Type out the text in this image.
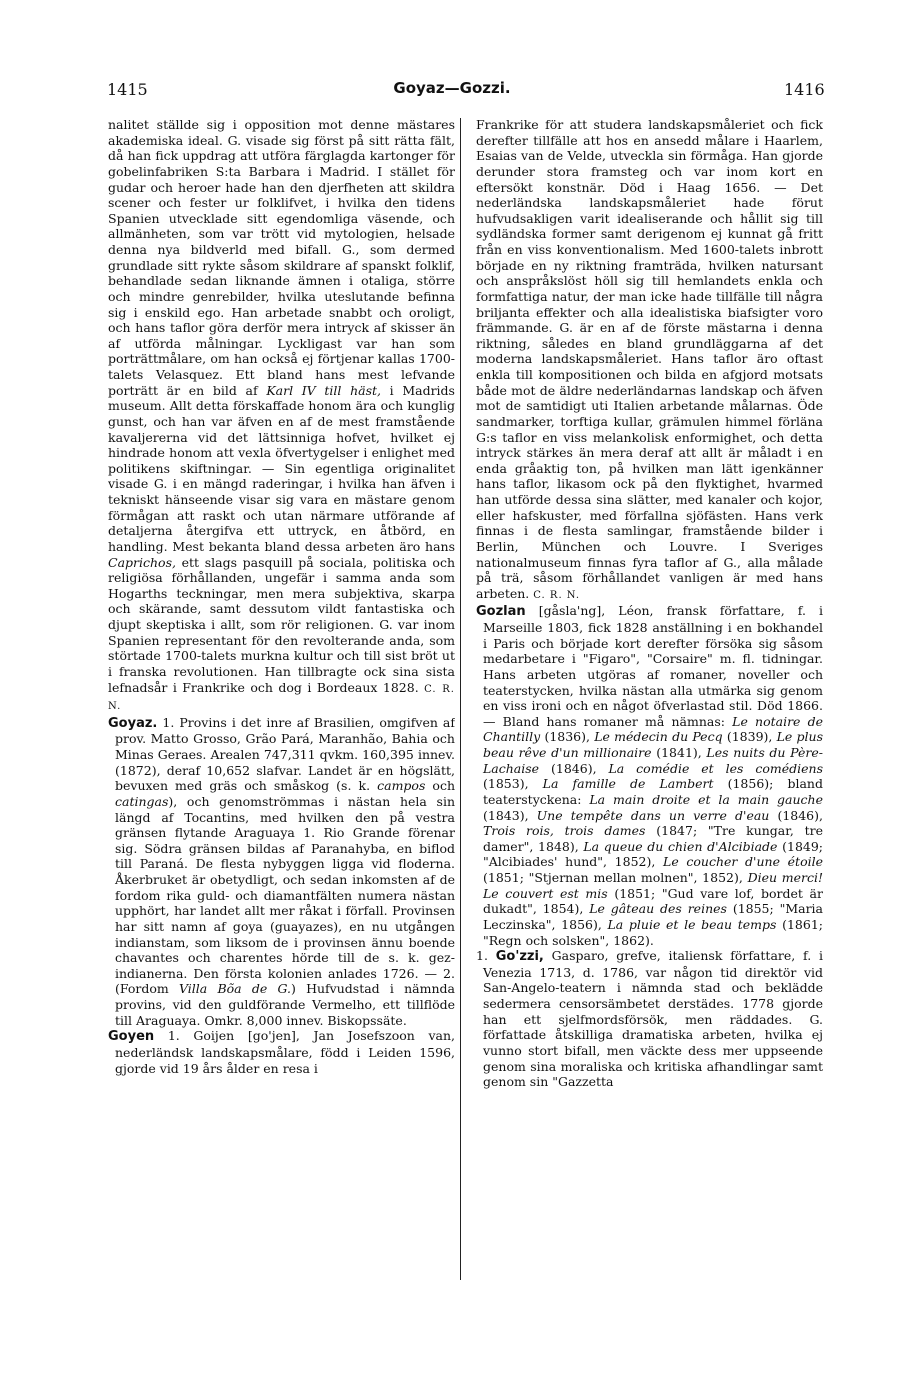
1415	Goyaz—Gozzi.	1416

nalitet ställde sig i opposition mot denne mästares akademiska ideal. G. visade sig först på sitt rätta fält, då han fick uppdrag att utföra färglagda kartonger för gobelinfabriken S:ta Barbara i Madrid. I stället för gudar och heroer hade han den djerfheten att skildra scener och fester ur folklifvet, i hvilka den tidens Spanien utvecklade sitt egendomliga väsende, och allmänheten, som var trött vid mytologien, helsade denna nya bildverld med bifall. G., som dermed grundlade sitt rykte såsom skildrare af spanskt folklif, behandlade sedan liknande ämnen i otaliga, större och mindre genrebilder, hvilka uteslutande befinna sig i enskild ego. Han arbetade snabbt och oroligt, och hans taflor göra derför mera intryck af skisser än af utförda målningar. Lyckligast var han som porträttmålare, om han också ej förtjenar kallas 1700-talets Velasquez. Ett bland hans mest lefvande porträtt är en bild af Karl IV till häst, i Madrids museum. Allt detta förskaffade honom ära och kunglig gunst, och han var äfven en af de mest framstående kavaljererna vid det lättsinniga hofvet, hvilket ej hindrade honom att vexla öfvertygelser i enlighet med politikens skiftningar. — Sin egentliga originalitet visade G. i en mängd raderingar, i hvilka han äfven i tekniskt hänseende visar sig vara en mästare genom förmågan att raskt och utan närmare utförande af detaljerna återgifva ett uttryck, en åtbörd, en handling. Mest bekanta bland dessa arbeten äro hans Caprichos, ett slags pasquill på sociala, politiska och religiösa förhållanden, ungefär i samma anda som Hogarths teckningar, men mera subjektiva, skarpa och skärande, samt dessutom vildt fantastiska och djupt skeptiska i allt, som rör religionen. G. var inom Spanien representant för den revolterande anda, som störtade 1700-talets murkna kultur och till sist bröt ut i franska revolutionen. Han tillbragte ock sina sista lefnadsår i Frankrike och dog i Bordeaux 1828. C. R. N.

Goyaz. 1. Provins i det inre af Brasilien, omgifven af prov. Matto Grosso, Grão Pará, Maranhão, Bahia och Minas Geraes. Arealen 747,311 qvkm. 160,395 innev. (1872), deraf 10,652 slafvar. Landet är en högslätt, bevuxen med gräs och småskog (s. k. campos och catingas), och genomströmmas i nästan hela sin längd af Tocantins, med hvilken den på vestra gränsen flytande Araguaya 1. Rio Grande förenar sig. Södra gränsen bildas af Paranahyba, en biflod till Paraná. De flesta nybyggen ligga vid floderna. Åkerbruket är obetydligt, och sedan inkomsten af de fordom rika guld- och diamantfälten numera nästan upphört, har landet allt mer råkat i förfall. Provinsen har sitt namn af goya (guayazes), en nu utgången indianstam, som liksom de i provinsen ännu boende chavantes och charentes hörde till de s. k. gez-indianerna. Den första kolonien anlades 1726. — 2. (Fordom Villa Bõa de G.) Hufvudstad i nämnda provins, vid den guldförande Vermelho, ett tillflöde till Araguaya. Omkr. 8,000 innev. Biskopssäte.

Goyen 1. Goijen [go'jen], Jan Josefszoon van, nederländsk landskapsmålare, född i Leiden 1596, gjorde vid 19 års ålder en resa i

Frankrike för att studera landskapsmåleriet och fick derefter tillfälle att hos en ansedd målare i Haarlem, Esaias van de Velde, utveckla sin förmåga. Han gjorde derunder stora framsteg och var inom kort en eftersökt konstnär. Död i Haag 1656. — Det nederländska landskapsmåleriet hade förut hufvudsakligen varit idealiserande och hållit sig till sydländska former samt derigenom ej kunnat gå fritt från en viss konventionalism. Med 1600-talets inbrott började en ny riktning framträda, hvilken natursant och anspråkslöst höll sig till hemlandets enkla och formfattiga natur, der man icke hade tillfälle till några briljanta effekter och alla idealistiska biafsigter voro främmande. G. är en af de förste mästarna i denna riktning, således en bland grundläggarna af det moderna landskapsmåleriet. Hans taflor äro oftast enkla till kompositionen och bilda en afgjord motsats både mot de äldre nederländarnas landskap och äfven mot de samtidigt uti Italien arbetande målarnas. Öde sandmarker, torftiga kullar, grämulen himmel förläna G:s taflor en viss melankolisk enformighet, och detta intryck stärkes än mera deraf att allt är måladt i en enda gråaktig ton, på hvilken man lätt igenkänner hans taflor, likasom ock på den flyktighet, hvarmed han utförde dessa sina slätter, med kanaler och kojor, eller hafskuster, med förfallna sjöfästen. Hans verk finnas i de flesta samlingar, framstående bilder i Berlin, München och Louvre. I Sveriges nationalmuseum finnas fyra taflor af G., alla målade på trä, såsom förhållandet vanligen är med hans arbeten. C. R. N.

Gozlan [gåsla'ng], Léon, fransk författare, f. i Marseille 1803, fick 1828 anställning i en bokhandel i Paris och började kort derefter försöka sig såsom medarbetare i "Figaro", "Corsaire" m. fl. tidningar. Hans arbeten utgöras af romaner, noveller och teaterstycken, hvilka nästan alla utmärka sig genom en viss ironi och en något öfverlastad stil. Död 1866. — Bland hans romaner må nämnas: Le notaire de Chantilly (1836), Le médecin du Pecq (1839), Le plus beau rêve d'un millionaire (1841), Les nuits du Père-Lachaise (1846), La comédie et les comédiens (1853), La famille de Lambert (1856); bland teaterstyckena: La main droite et la main gauche (1843), Une tempête dans un verre d'eau (1846), Trois rois, trois dames (1847; "Tre kungar, tre damer", 1848), La queue du chien d'Alcibiade (1849; "Alcibiades' hund", 1852), Le coucher d'une étoile (1851; "Stjernan mellan molnen", 1852), Dieu merci! Le couvert est mis (1851; "Gud vare lof, bordet är dukadt", 1854), Le gâteau des reines (1855; "Maria Leczinska", 1856), La pluie et le beau temps (1861; "Regn och solsken", 1862).

1. Go'zzi, Gasparo, grefve, italiensk författare, f. i Venezia 1713, d. 1786, var någon tid direktör vid San-Angelo-teatern i nämnda stad och beklädde sedermera censorsämbetet derstädes. 1778 gjorde han ett sjelfmordsförsök, men räddades. G. författade åtskilliga dramatiska arbeten, hvilka ej vunno stort bifall, men väckte dess mer uppseende genom sina moraliska och kritiska afhandlingar samt genom sin "Gazzetta
